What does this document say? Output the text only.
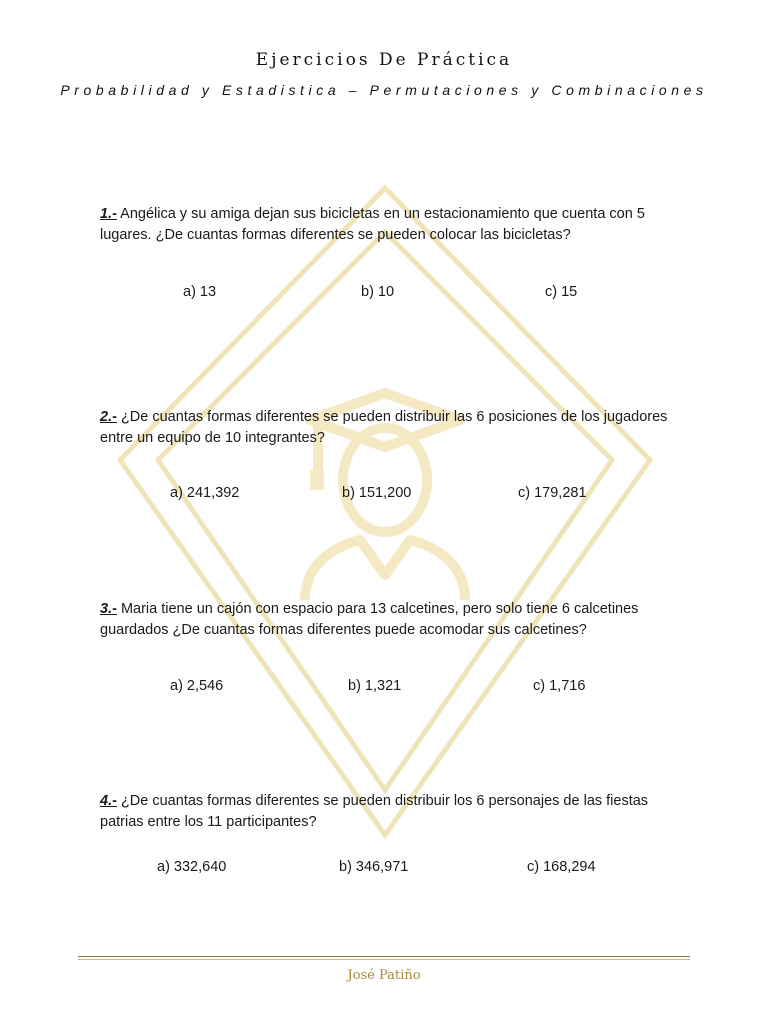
Ejercicios De Práctica
Probabilidad y Estadistica – Permutaciones y Combinaciones
1.- Angélica y su amiga dejan sus bicicletas en un estacionamiento que cuenta con 5 lugares. ¿De cuantas formas diferentes se pueden colocar las bicicletas?
a) 13	b) 10	c) 15
2.- ¿De cuantas formas diferentes se pueden distribuir las 6 posiciones de los jugadores entre un equipo de 10 integrantes?
a) 241,392	b) 151,200	c) 179,281
3.- Maria tiene un cajón con espacio para 13 calcetines, pero solo tiene 6 calcetines guardados ¿De cuantas formas diferentes puede acomodar sus calcetines?
a) 2,546	b) 1,321	c) 1,716
4.- ¿De cuantas formas diferentes se pueden distribuir los 6 personajes de las fiestas patrias entre los 11 participantes?
a) 332,640	b) 346,971	c) 168,294
José Patiño
